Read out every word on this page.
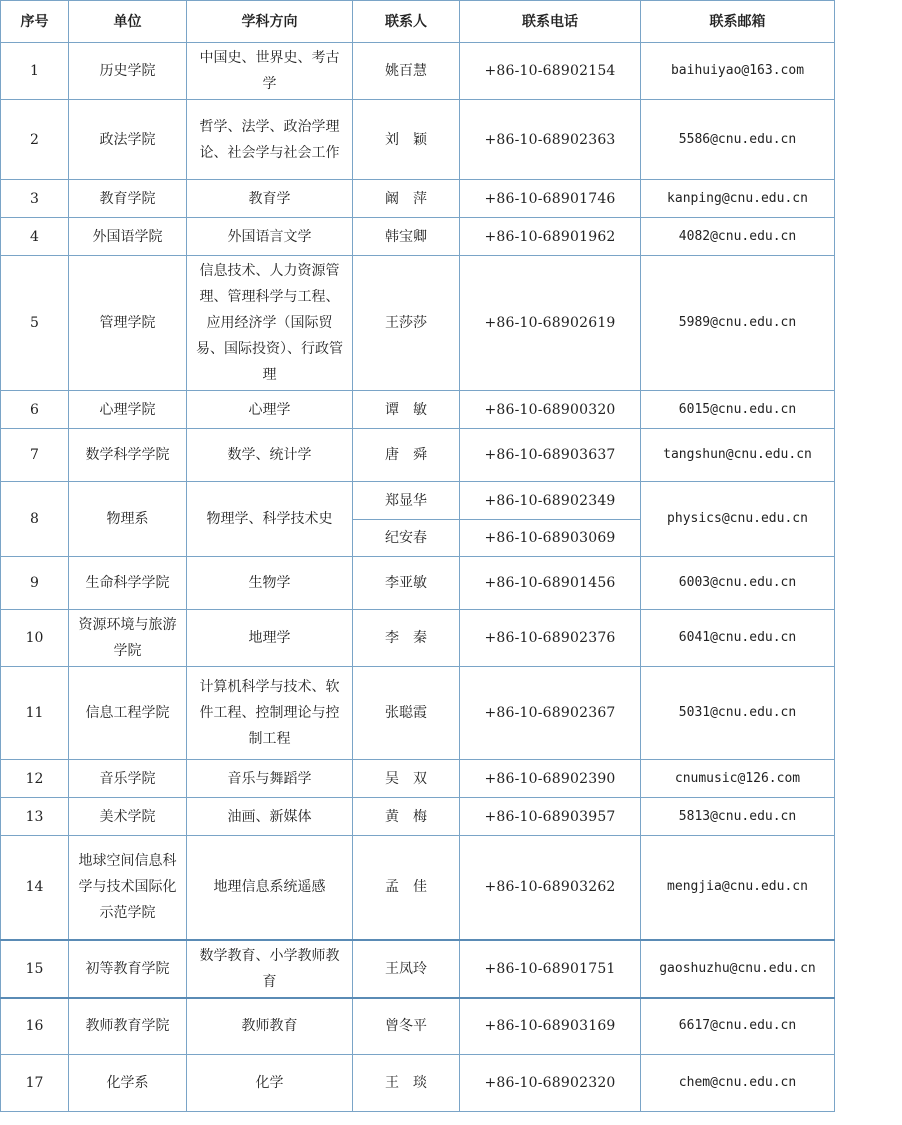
序号	单位	学科方向	联系人	联系电话	联系邮箱
1	历史学院	中国史、世界史、考古学	姚百慧	+86-10-68902154	baihuiyao@163.com
2	政法学院	哲学、法学、政治学理论、社会学与社会工作	刘　颖	+86-10-68902363	5586@cnu.edu.cn
3	教育学院	教育学	阚　萍	+86-10-68901746	kanping@cnu.edu.cn
4	外国语学院	外国语言文学	韩宝卿	+86-10-68901962	4082@cnu.edu.cn
5	管理学院	信息技术、人力资源管理、管理科学与工程、应用经济学（国际贸易、国际投资）、行政管理	王莎莎	+86-10-68902619	5989@cnu.edu.cn
6	心理学院	心理学	谭　敏	+86-10-68900320	6015@cnu.edu.cn
7	数学科学学院	数学、统计学	唐　舜	+86-10-68903637	tangshun@cnu.edu.cn
8	物理系	物理学、科学技术史	郑显华	+86-10-68902349	physics@cnu.edu.cn
			纪安春	+86-10-68903069	
9	生命科学学院	生物学	李亚敏	+86-10-68901456	6003@cnu.edu.cn
10	资源环境与旅游学院	地理学	李　秦	+86-10-68902376	6041@cnu.edu.cn
11	信息工程学院	计算机科学与技术、软件工程、控制理论与控制工程	张聪霞	+86-10-68902367	5031@cnu.edu.cn
12	音乐学院	音乐与舞蹈学	吴　双	+86-10-68902390	cnumusic@126.com
13	美术学院	油画、新媒体	黄　梅	+86-10-68903957	5813@cnu.edu.cn
14	地球空间信息科学与技术国际化示范学院	地理信息系统遥感	孟　佳	+86-10-68903262	mengjia@cnu.edu.cn
15	初等教育学院	数学教育、小学教师教育	王凤玲	+86-10-68901751	gaoshuzhu@cnu.edu.cn
16	教师教育学院	教师教育	曾冬平	+86-10-68903169	6617@cnu.edu.cn
17	化学系	化学	王　琰	+86-10-68902320	chem@cnu.edu.cn
